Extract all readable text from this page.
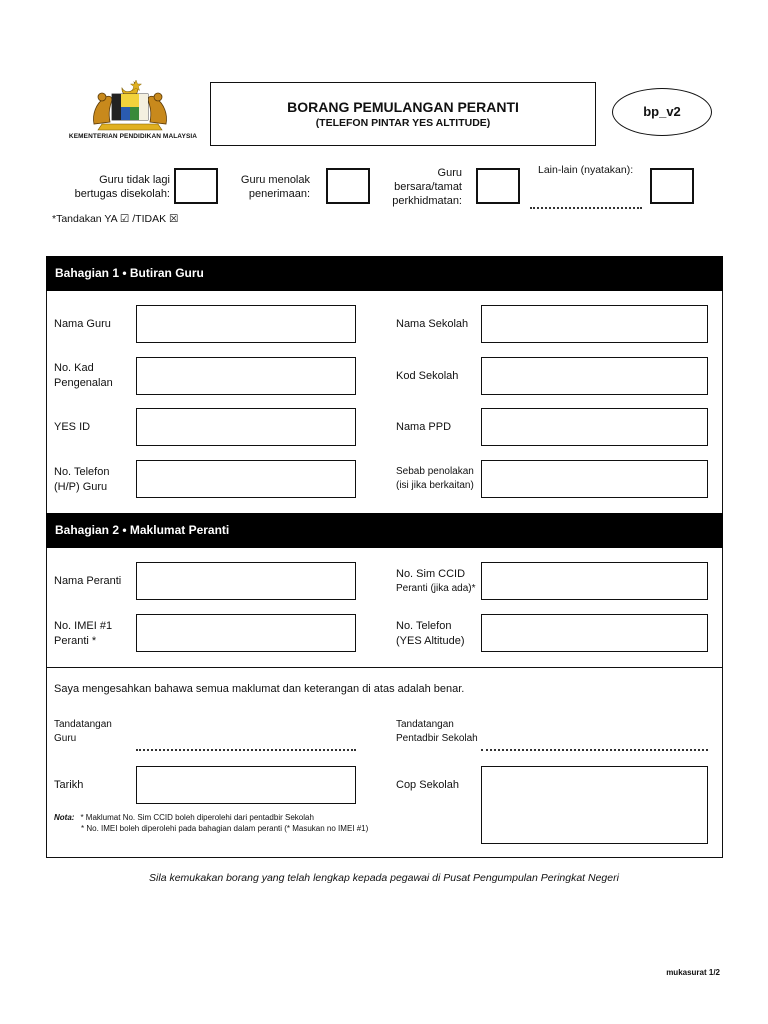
KEMENTERIAN PENDIDIKAN MALAYSIA
BORANG PEMULANGAN PERANTI
(TELEFON PINTAR YES ALTITUDE)
bp_v2
Guru tidak lagi bertugas disekolah:
Guru menolak penerimaan:
Guru bersara/tamat perkhidmatan:
Lain-lain (nyatakan):
*Tandakan YA ☑ /TIDAK ☒
Bahagian 1 • Butiran Guru
Nama Guru
No. Kad
Pengenalan
YES ID
No. Telefon
(H/P) Guru
Nama Sekolah
Kod Sekolah
Nama PPD
Sebab penolakan
(isi jika berkaitan)
Bahagian 2 • Maklumat Peranti
Nama Peranti
No. IMEI #1
Peranti *
No. Sim CCID
Peranti (jika ada)*
No. Telefon
(YES Altitude)
Saya mengesahkan bahawa semua maklumat dan keterangan di atas adalah benar.
Tandatangan
Guru
Tandatangan
Pentadbir Sekolah
Tarikh	Cop Sekolah
Nota: * Maklumat No. Sim CCID boleh diperolehi dari pentadbir Sekolah
* No. IMEI boleh diperolehi pada bahagian dalam peranti (* Masukan no IMEI #1)
Sila kemukakan borang yang telah lengkap kepada pegawai di Pusat Pengumpulan Peringkat Negeri
mukasurat 1/2
